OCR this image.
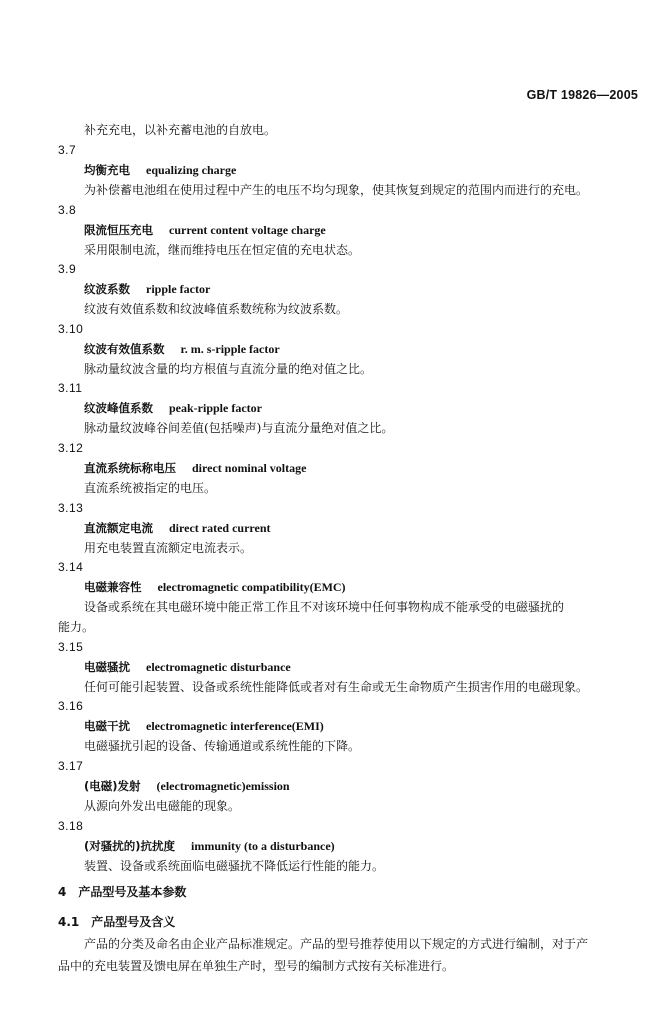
GB/T 19826—2005
补充充电，以补充蓄电池的自放电。
3.7
均衡充电 equalizing charge
为补偿蓄电池组在使用过程中产生的电压不均匀现象，使其恢复到规定的范围内而进行的充电。
3.8
限流恒压充电 current content voltage charge
采用限制电流，继而维持电压在恒定值的充电状态。
3.9
纹波系数 ripple factor
纹波有效值系数和纹波峰值系数统称为纹波系数。
3.10
纹波有效值系数 r. m. s-ripple factor
脉动量纹波含量的均方根值与直流分量的绝对值之比。
3.11
纹波峰值系数 peak-ripple factor
脉动量纹波峰谷间差值(包括噪声)与直流分量绝对值之比。
3.12
直流系统标称电压 direct nominal voltage
直流系统被指定的电压。
3.13
直流额定电流 direct rated current
用充电装置直流额定电流表示。
3.14
电磁兼容性 electromagnetic compatibility(EMC)
设备或系统在其电磁环境中能正常工作且不对该环境中任何事物构成不能承受的电磁骚扰的
能力。
3.15
电磁骚扰 electromagnetic disturbance
任何可能引起装置、设备或系统性能降低或者对有生命或无生命物质产生损害作用的电磁现象。
3.16
电磁干扰 electromagnetic interference(EMI)
电磁骚扰引起的设备、传输通道或系统性能的下降。
3.17
(电磁)发射 (electromagnetic)emission
从源向外发出电磁能的现象。
3.18
(对骚扰的)抗扰度 immunity (to a disturbance)
装置、设备或系统面临电磁骚扰不降低运行性能的能力。
4 产品型号及基本参数
4.1 产品型号及含义
产品的分类及命名由企业产品标准规定。产品的型号推荐使用以下规定的方式进行编制，对于产
品中的充电装置及馈电屏在单独生产时，型号的编制方式按有关标准进行。
